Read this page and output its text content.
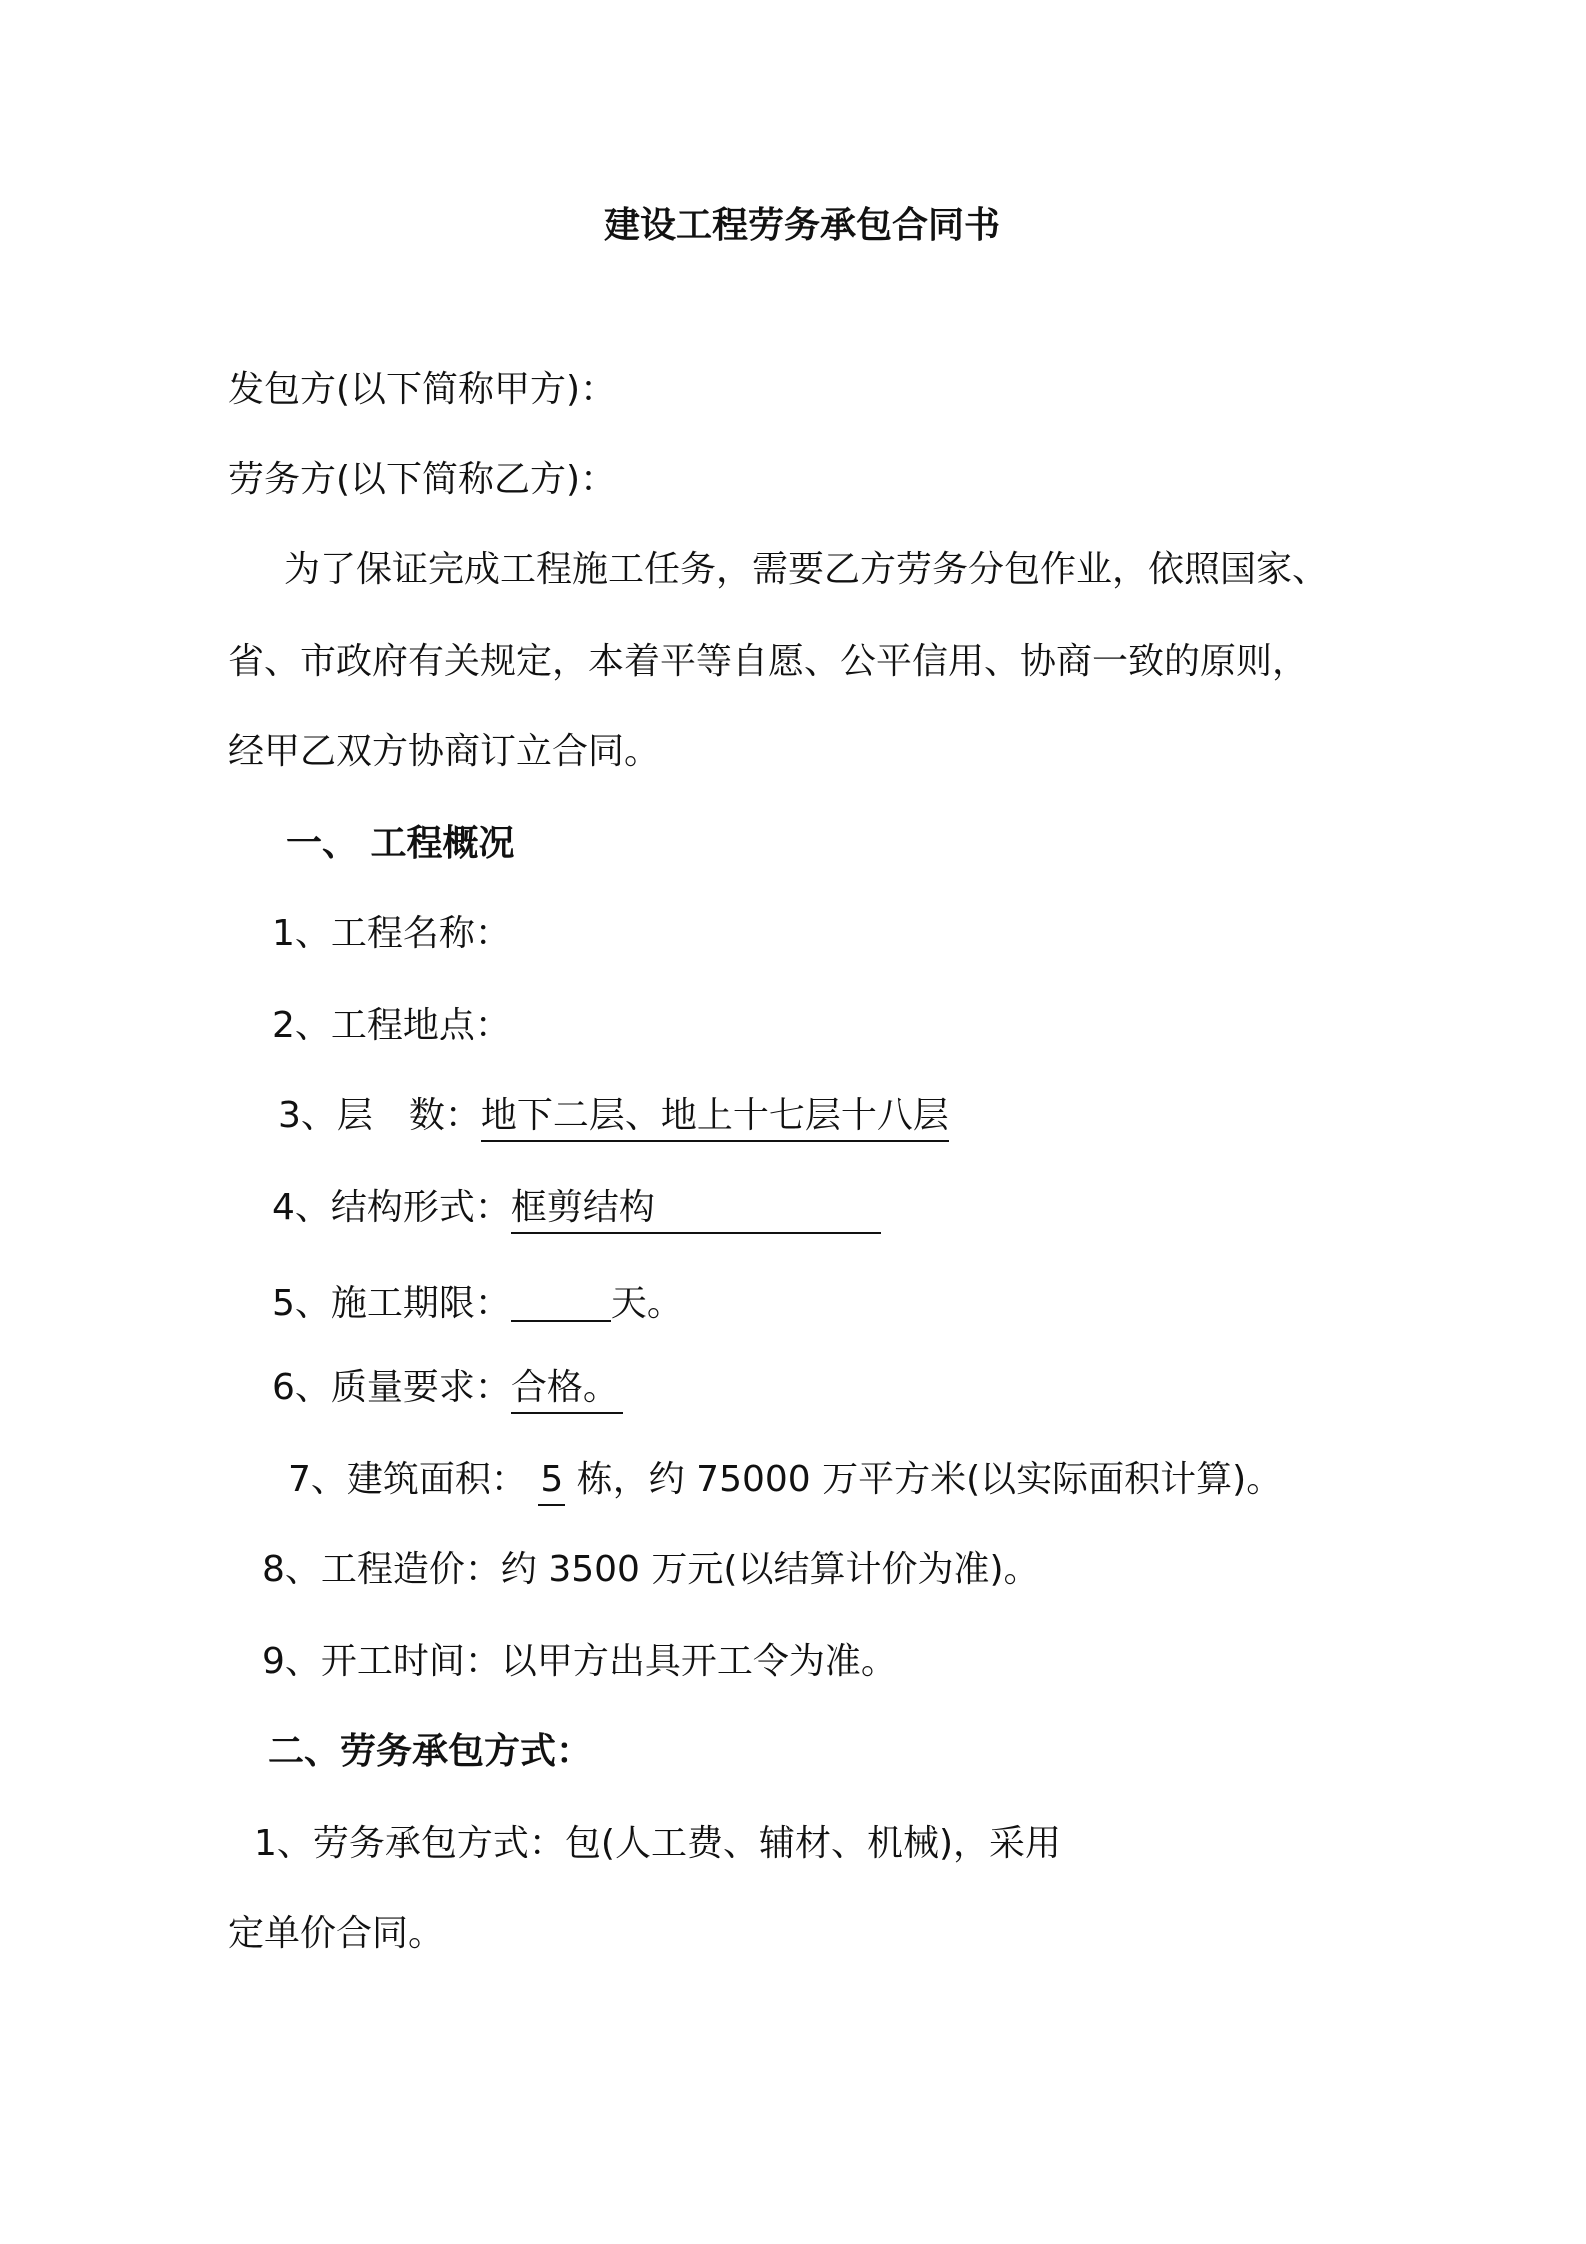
建设工程劳务承包合同书
发包方(以下简称甲方)：
劳务方(以下简称乙方)：
为了保证完成工程施工任务，需要乙方劳务分包作业，依照国家、
省、市政府有关规定，本着平等自愿、公平信用、协商一致的原则，
经甲乙双方协商订立合同。
一、 工程概况
1、工程名称：
2、工程地点：
3、层　数：地下二层、地上十七层十八层
4、结构形式：框剪结构
5、施工期限：	天。
6、质量要求：合格。
7、建筑面积： 5 栋，约 75000 万平方米(以实际面积计算)。
8、工程造价：约 3500 万元(以结算计价为准)。
9、开工时间：以甲方出具开工令为准。
二、劳务承包方式：
1、劳务承包方式：包(人工费、辅材、机械)，采用
定单价合同。
